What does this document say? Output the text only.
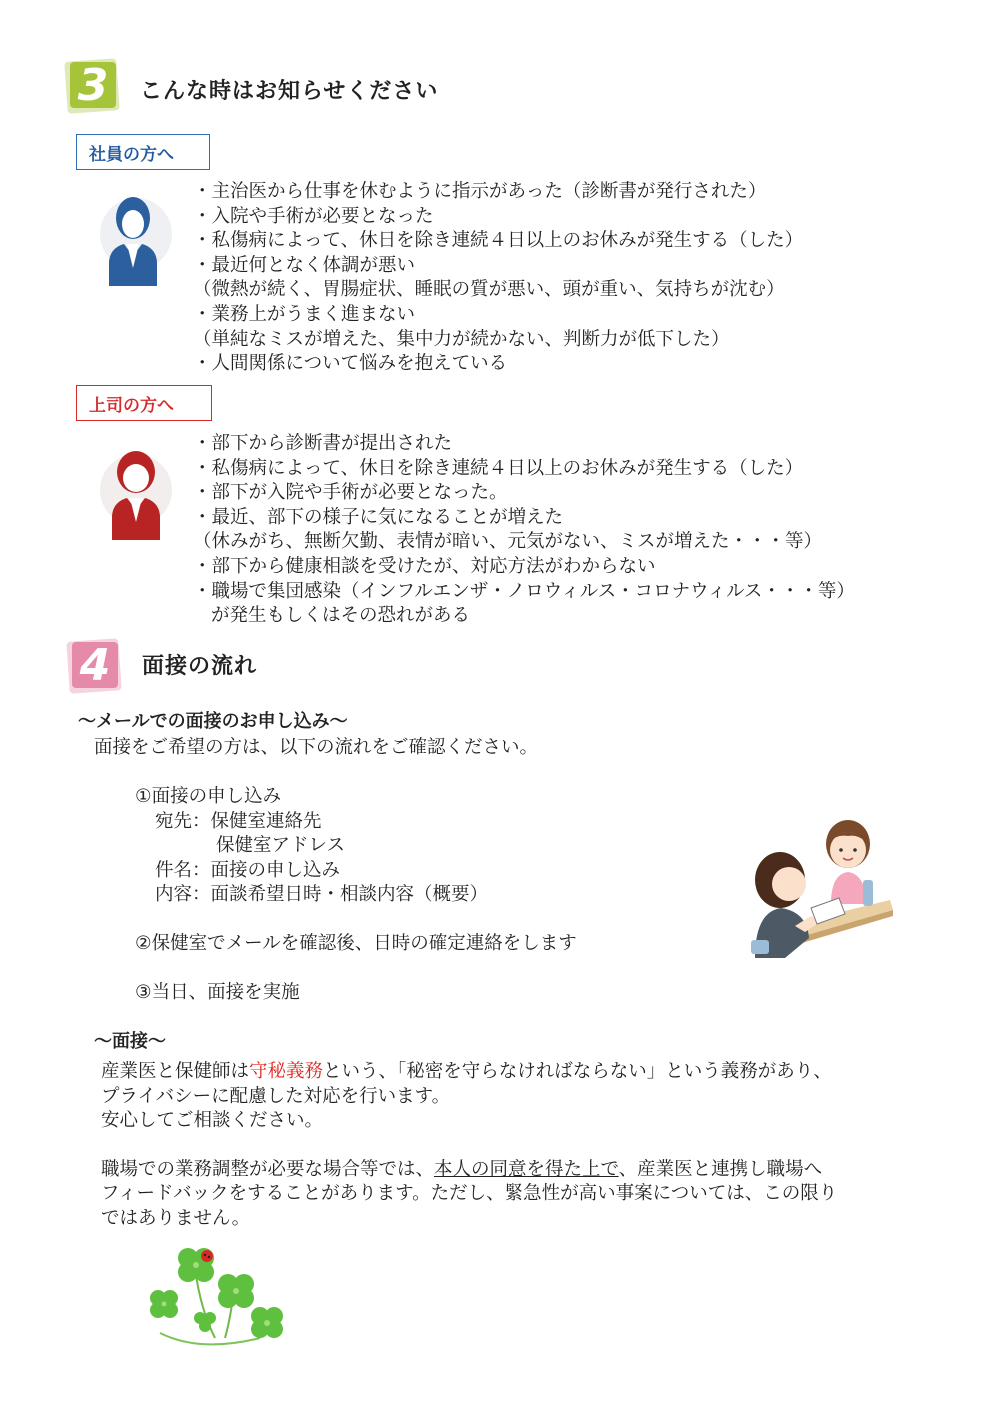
3	こんな時はお知らせください
社員の方へ
・主治医から仕事を休むように指示があった（診断書が発行された）
・入院や手術が必要となった
・私傷病によって、休日を除き連続４日以上のお休みが発生する（した）
・最近何となく体調が悪い
（微熱が続く、胃腸症状、睡眠の質が悪い、頭が重い、気持ちが沈む）
・業務上がうまく進まない
（単純なミスが増えた、集中力が続かない、判断力が低下した）
・人間関係について悩みを抱えている
上司の方へ
・部下から診断書が提出された
・私傷病によって、休日を除き連続４日以上のお休みが発生する（した）
・部下が入院や手術が必要となった。
・最近、部下の様子に気になることが増えた
（休みがち、無断欠勤、表情が暗い、元気がない、ミスが増えた・・・等）
・部下から健康相談を受けたが、対応方法がわからない
・職場で集団感染（インフルエンザ・ノロウィルス・コロナウィルス・・・等）
が発生もしくはその恐れがある
4	面接の流れ
～メールでの面接のお申し込み～
面接をご希望の方は、以下の流れをご確認ください。
①面接の申し込み
宛先：保健室連絡先
保健室アドレス
件名：面接の申し込み
内容：面談希望日時・相談内容（概要）
②保健室でメールを確認後、日時の確定連絡をします
③当日、面接を実施
～面接～
産業医と保健師は守秘義務という、「秘密を守らなければならない」という義務があり、
プライバシーに配慮した対応を行います。
安心してご相談ください。
職場での業務調整が必要な場合等では、本人の同意を得た上で、産業医と連携し職場へ
フィードバックをすることがあります。ただし、緊急性が高い事案については、この限り
ではありません。
